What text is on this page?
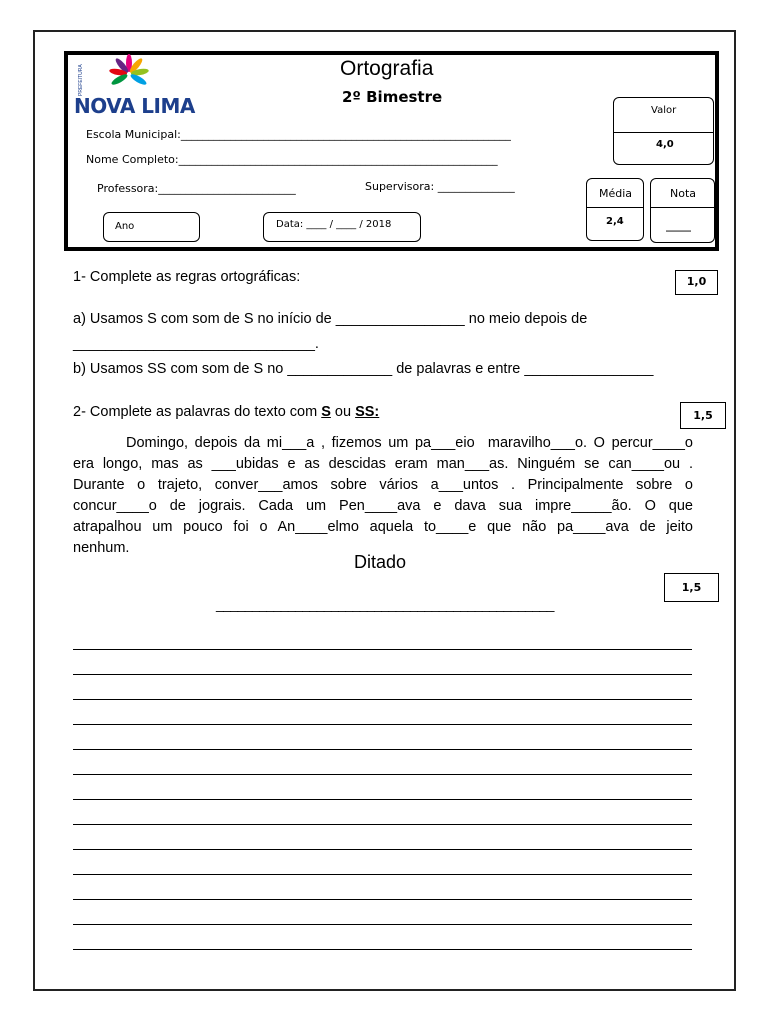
PREFEITURA
NOVA LIMA
Ortografia
2º Bimestre
Escola Municipal:____________________________________________________________
Nome Completo:__________________________________________________________
Professora:_________________________	Supervisora: ______________
Ano	Data: ____ / ____ / 2018
Valor
4,0
Média
2,4
Nota
_____
1- Complete as regras ortográficas:	1,0
a) Usamos S com som de S no início de ________________ no meio depois de
______________________________.
b) Usamos SS com som de S no _____________ de palavras e entre ________________
2- Complete as palavras do texto com S ou SS:	1,5
Domingo, depois da mi___a , fizemos um pa___eio  maravilho___o. O percur____o
era longo, mas as ___ubidas e as descidas eram man___as. Ninguém se can____ou .
Durante o trajeto, conver___amos sobre vários a___untos . Principalmente sobre o
concur____o de jograis. Cada um Pen____ava e dava sua impre_____ão. O que
atrapalhou um pouco foi o An____elmo aquela to____e que não pa____ava de jeito
nenhum.
Ditado
1,5
_______________________________________________
